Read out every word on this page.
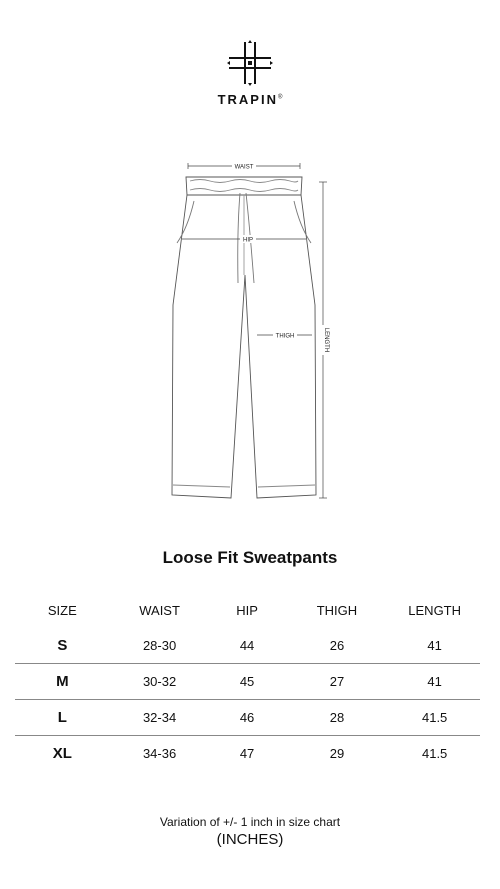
TRAPIN®
WAIST
HIP
THIGH	LENGTH
Loose Fit Sweatpants
SIZE	WAIST	HIP	THIGH	LENGTH
S	28-30	44	26	41
M	30-32	45	27	41
L	32-34	46	28	41.5
XL	34-36	47	29	41.5
Variation of +/- 1 inch in size chart
(INCHES)
